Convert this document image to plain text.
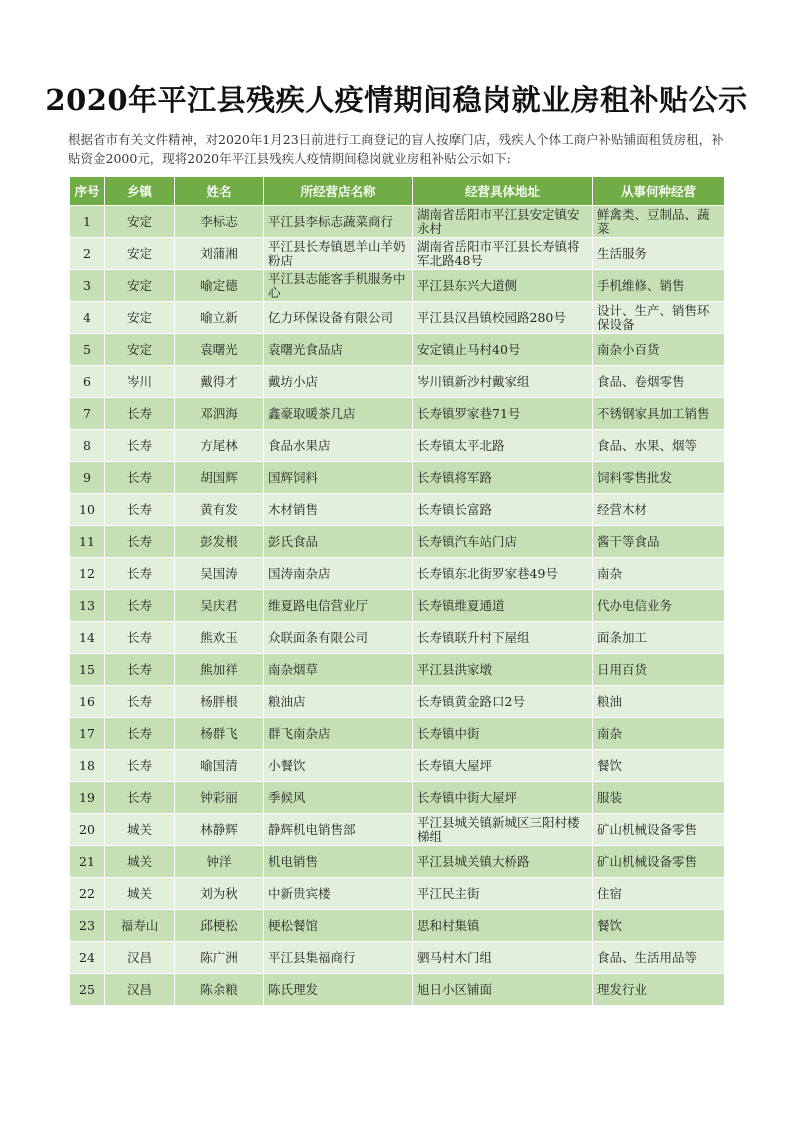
2020年平江县残疾人疫情期间稳岗就业房租补贴公示
根据省市有关文件精神，对2020年1月23日前进行工商登记的盲人按摩门店，残疾人个体工商户补贴铺面租赁房租，补贴资金2000元，现将2020年平江县残疾人疫情期间稳岗就业房租补贴公示如下:
序号	乡镇	姓名	所经营店名称	经营具体地址	从事何种经营
1	安定	李标志	平江县李标志蔬菜商行	湖南省岳阳市平江县安定镇安永村	鲜禽类、豆制品、蔬菜
2	安定	刘蒲湘	平江县长寿镇恩羊山羊奶粉店	湖南省岳阳市平江县长寿镇将军北路48号	生活服务
3	安定	喻定德	平江县志能客手机服务中心	平江县东兴大道侧	手机维修、销售
4	安定	喻立新	亿力环保设备有限公司	平江县汉昌镇校园路280号	设计、生产、销售环保设备
5	安定	袁曙光	袁曙光食品店	安定镇止马村40号	南杂小百货
6	岑川	戴得才	戴坊小店	岑川镇新沙村戴家组	食品、卷烟零售
7	长寿	邓泗海	鑫豪取暖茶几店	长寿镇罗家巷71号	不锈钢家具加工销售
8	长寿	方尾林	食品水果店	长寿镇太平北路	食品、水果、烟等
9	长寿	胡国辉	国辉饲料	长寿镇将军路	饲料零售批发
10	长寿	黄有发	木材销售	长寿镇长富路	经营木材
11	长寿	彭发根	彭氏食品	长寿镇汽车站门店	酱干等食品
12	长寿	吴国涛	国涛南杂店	长寿镇东北街罗家巷49号	南杂
13	长寿	吴庆君	维夏路电信营业厅	长寿镇维夏通道	代办电信业务
14	长寿	熊欢玉	众联面条有限公司	长寿镇联升村下屋组	面条加工
15	长寿	熊加祥	南杂烟草	平江县洪家墩	日用百货
16	长寿	杨胖根	粮油店	长寿镇黄金路口2号	粮油
17	长寿	杨群飞	群飞南杂店	长寿镇中街	南杂
18	长寿	喻国清	小餐饮	长寿镇大屋坪	餐饮
19	长寿	钟彩丽	季候风	长寿镇中街大屋坪	服装
20	城关	林静辉	静辉机电销售部	平江县城关镇新城区三阳村楼梯组	矿山机械设备零售
21	城关	钟洋	机电销售	平江县城关镇大桥路	矿山机械设备零售
22	城关	刘为秋	中新贵宾楼	平江民主街	住宿
23	福寿山	邱梗松	梗松餐馆	思和村集镇	餐饮
24	汉昌	陈广洲	平江县集福商行	驷马村木门组	食品、生活用品等
25	汉昌	陈余粮	陈氏理发	旭日小区铺面	理发行业
